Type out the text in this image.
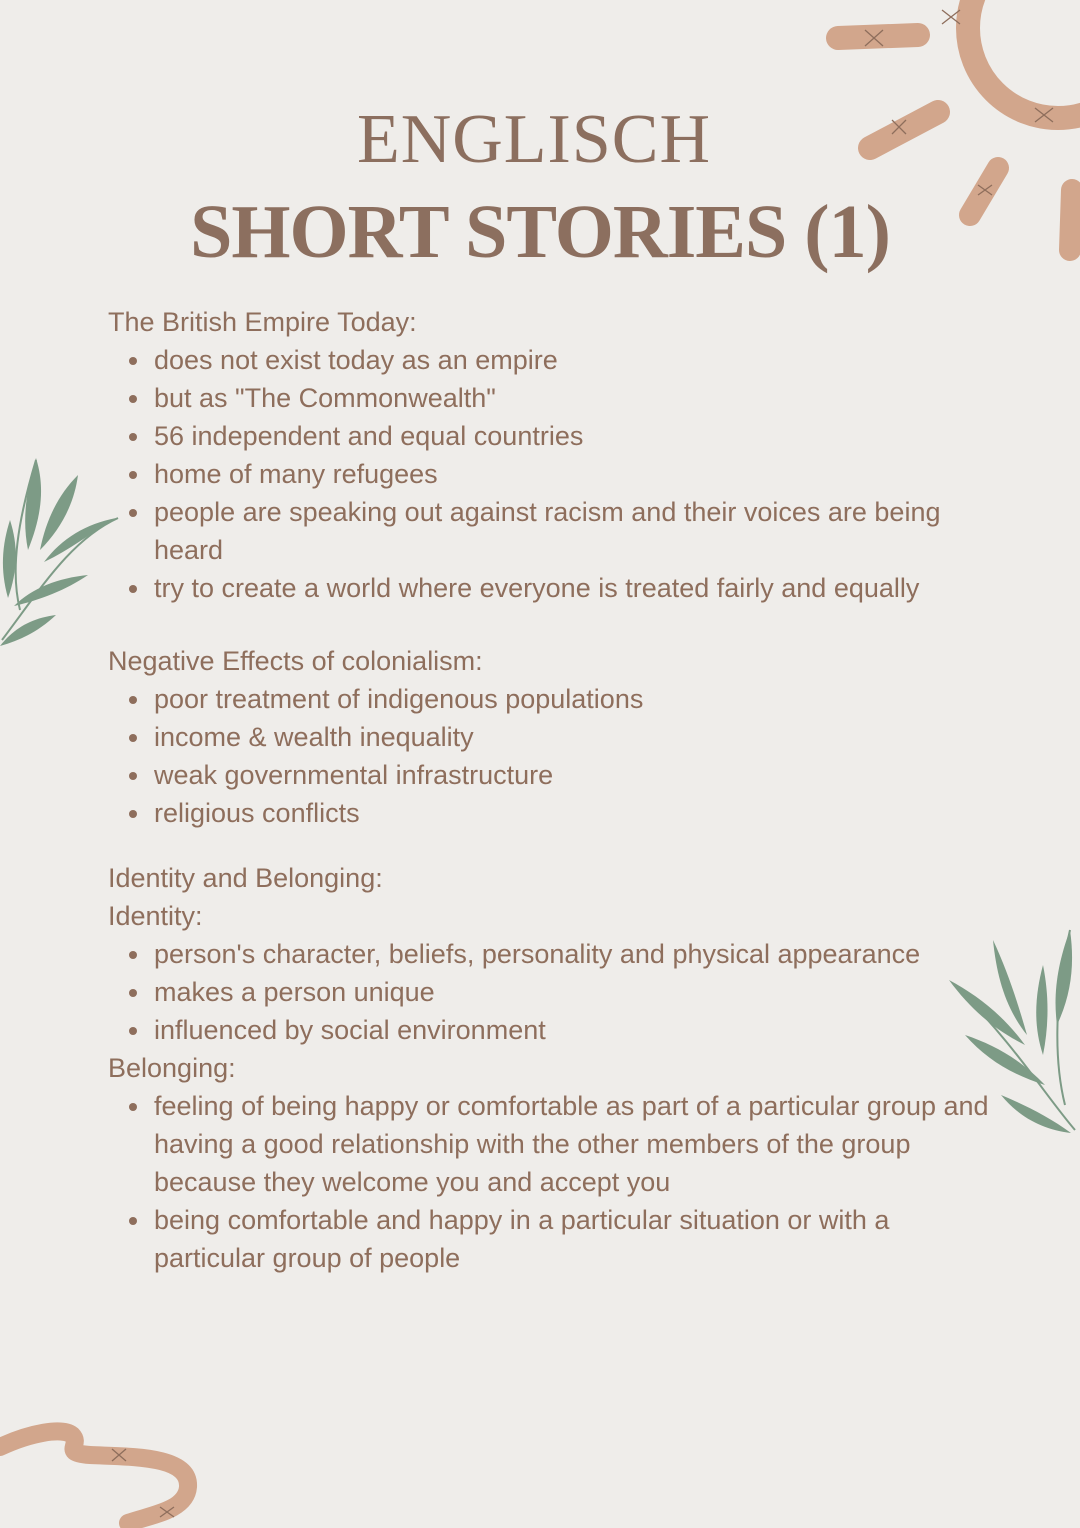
ENGLISCH
SHORT STORIES (1)

The British Empire Today:

does not exist today as an empire
but as "The Commonwealth"
56 independent and equal countries
home of many refugees
people are speaking out against racism and their voices are being heard
try to create a world where everyone is treated fairly and equally

Negative Effects of colonialism:

poor treatment of indigenous populations
income & wealth inequality
weak governmental infrastructure
religious conflicts

Identity and Belonging:

Identity:

person's character, beliefs, personality and physical appearance
makes a person unique
influenced by social environment

Belonging:

feeling of being happy or comfortable as part of a particular group and having a good relationship with the other members of the group because they welcome you and accept you
being comfortable and happy in a particular situation or with a particular group of people
